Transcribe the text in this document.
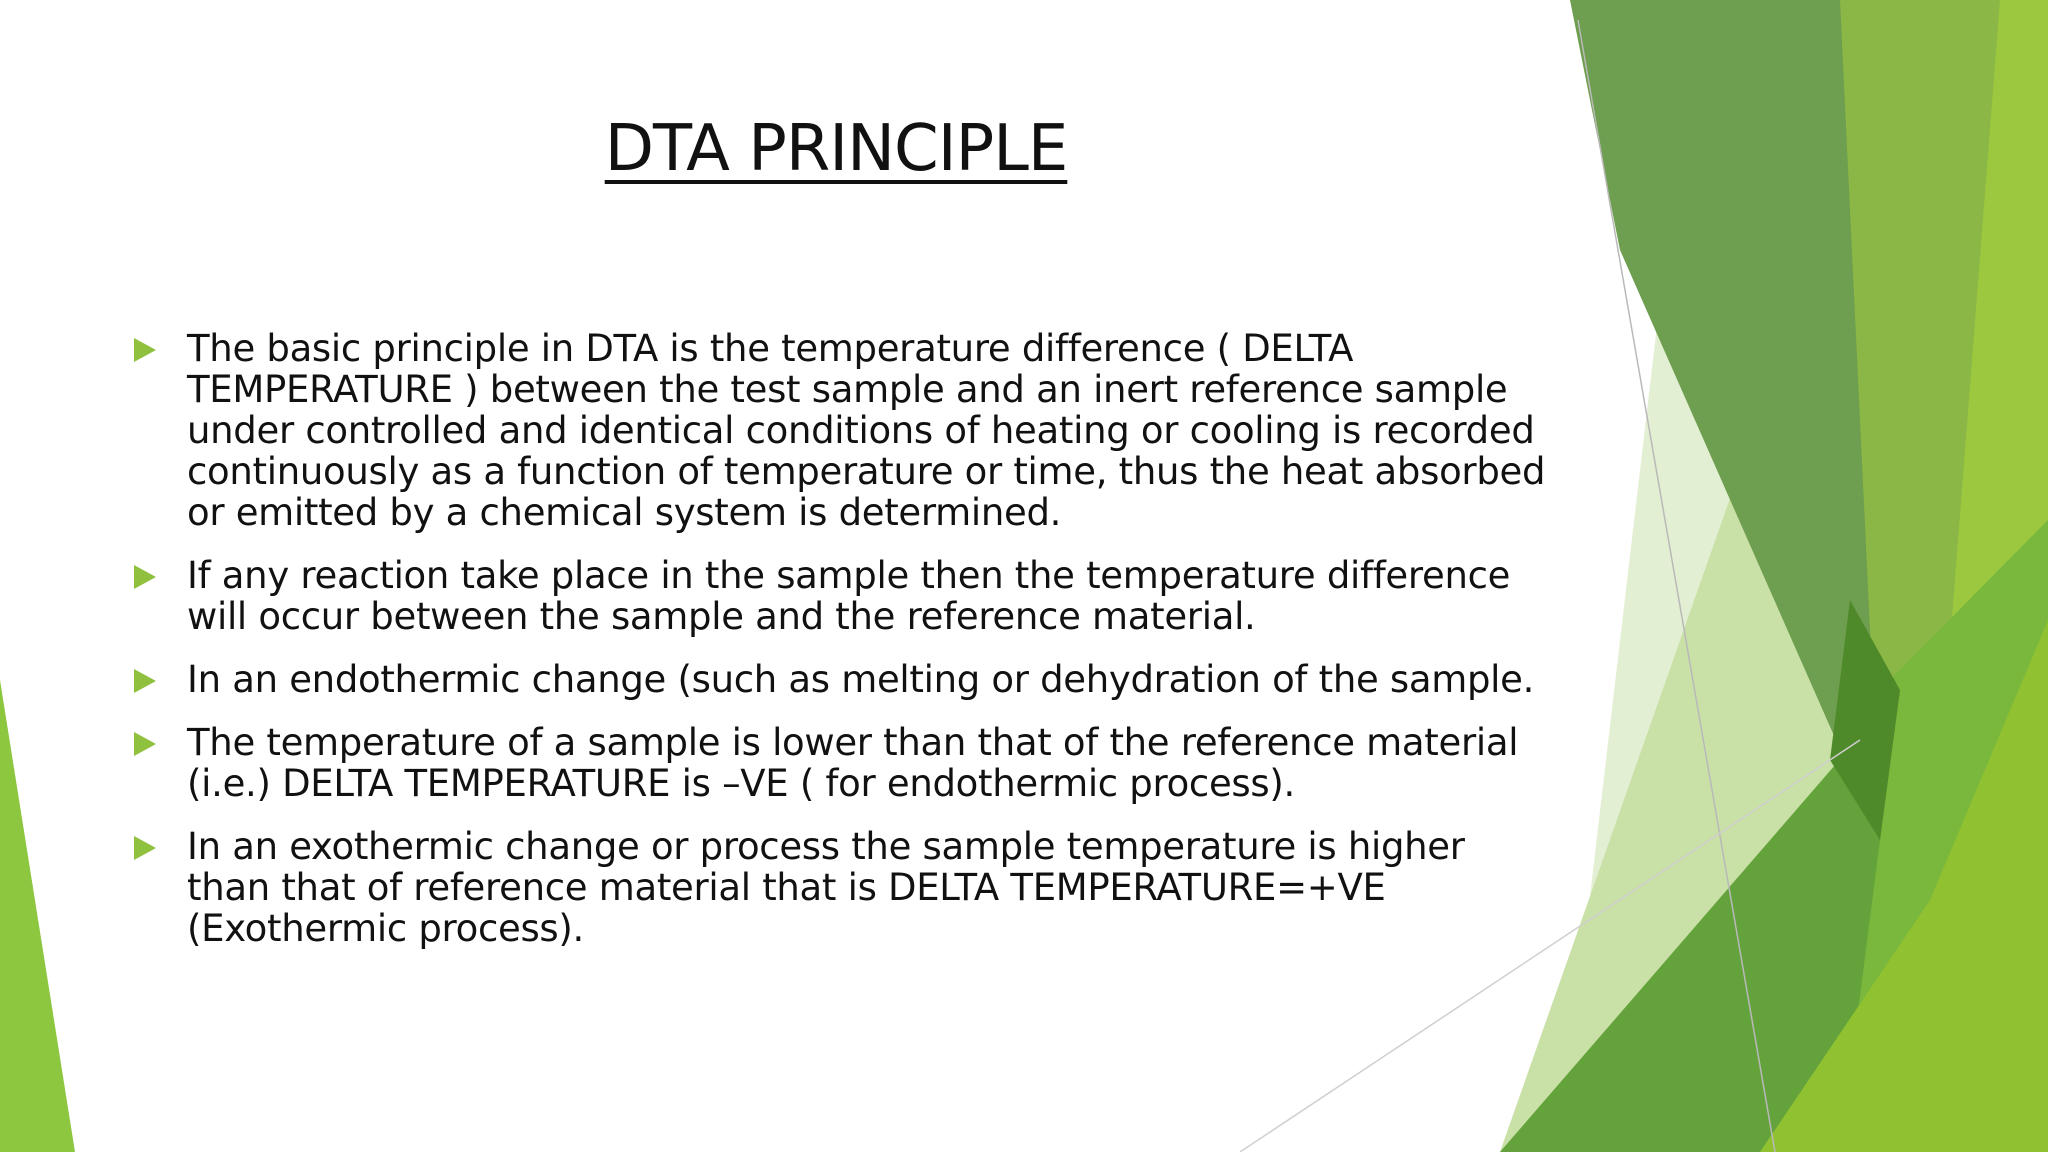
DTA PRINCIPLE
The basic principle in DTA is the temperature difference ( DELTA TEMPERATURE ) between the test sample and an inert reference sample under controlled and identical conditions of heating or cooling is recorded continuously as a function of temperature or time, thus the heat absorbed or emitted by a chemical system is determined.
If any reaction take place in the sample then the temperature difference will occur between the sample and the reference material.
In an endothermic change (such as melting or dehydration of the sample.
The temperature of a sample is lower than that of the reference material (i.e.) DELTA TEMPERATURE is –VE ( for endothermic process).
In an exothermic change or process the sample temperature is higher than that of reference material that is DELTA TEMPERATURE=+VE (Exothermic process).
